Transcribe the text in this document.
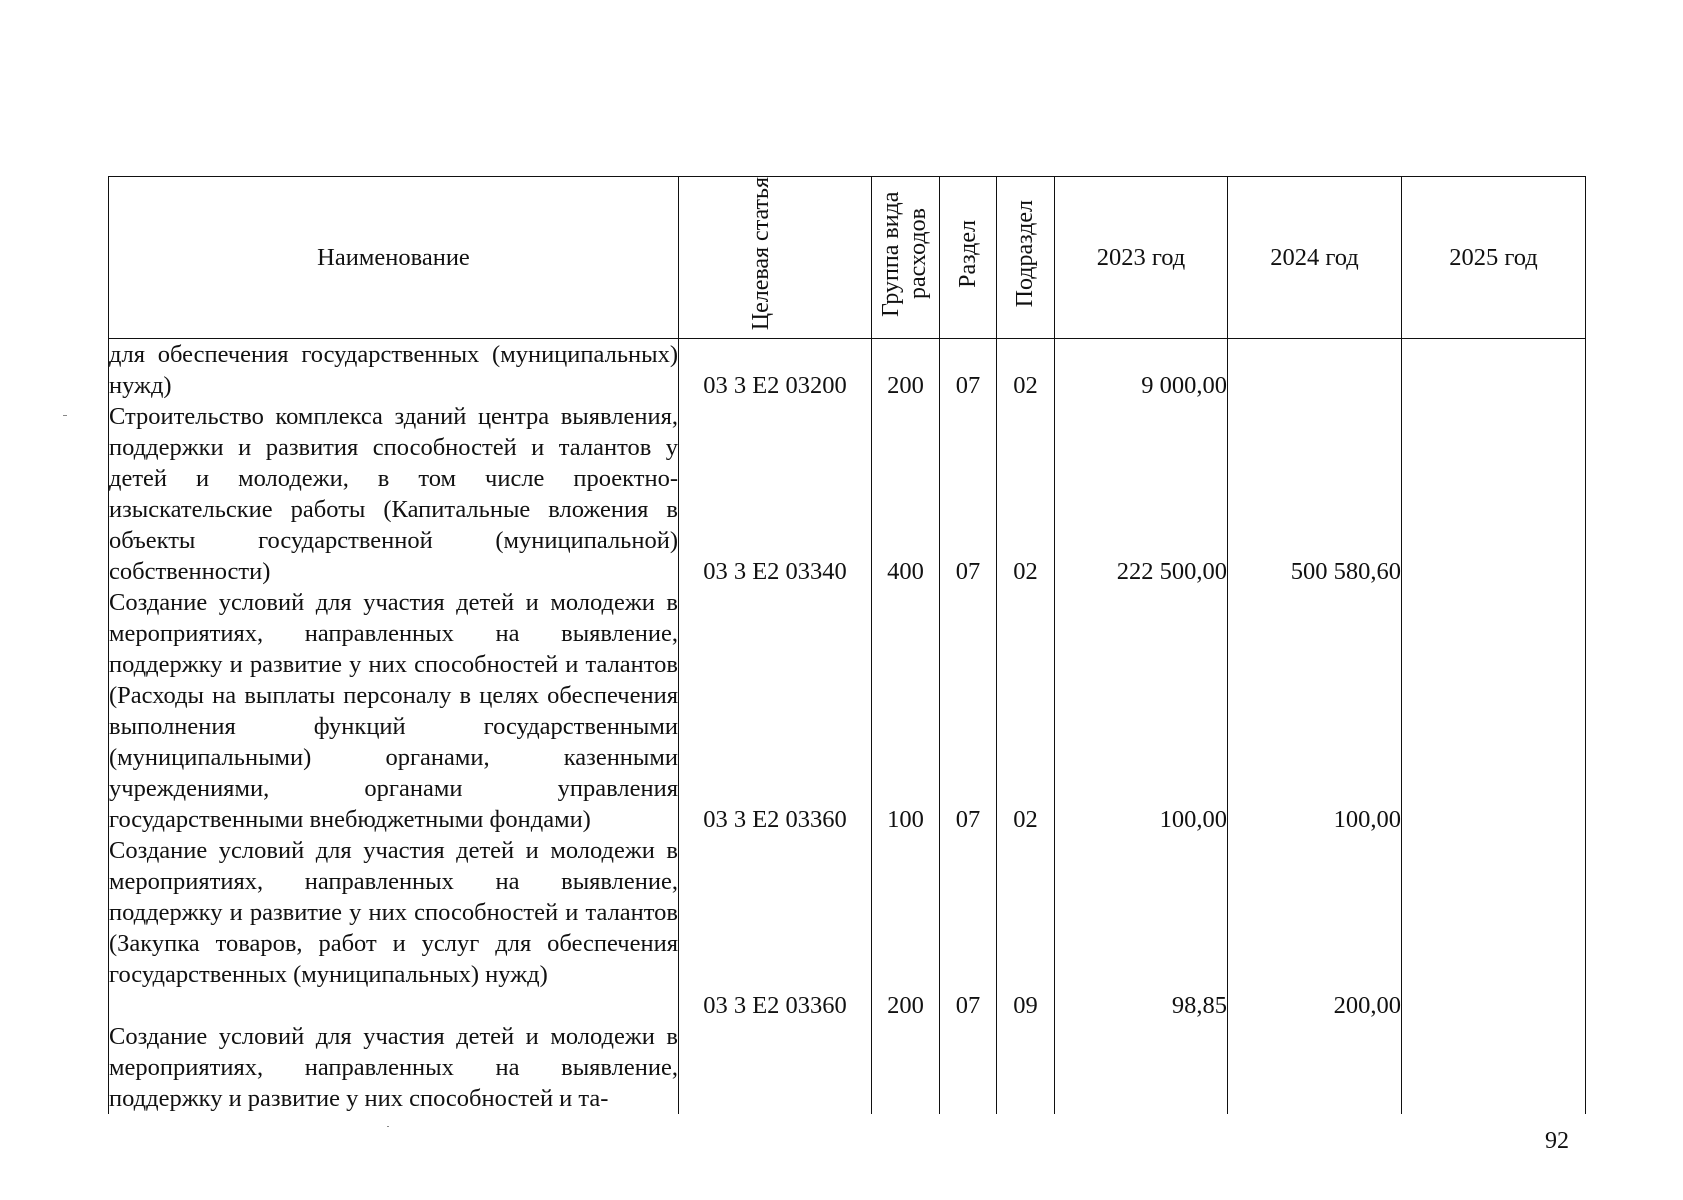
Наименование	Целевая статья	Группа вида расходов	Раздел	Подраздел	2023 год	2024 год	2025 год
для обеспечения государственных (муниципальных) нужд)	03 3 E2 03200	200	07	02	9 000,00		
Строительство комплекса зданий центра выявления, поддержки и развития способностей и талантов у детей и молодежи, в том числе проектно-изыскательские работы (Капитальные вложения в объекты государственной (муниципальной) собственности)	03 3 E2 03340	400	07	02	222 500,00	500 580,60	
Создание условий для участия детей и молодежи в мероприятиях, направленных на выявление, поддержку и развитие у них способностей и талантов (Расходы на выплаты персоналу в целях обеспечения выполнения функций государственными (муниципальными) органами, казенными учреждениями, органами управления государственными внебюджетными фондами)	03 3 E2 03360	100	07	02	100,00	100,00	
Создание условий для участия детей и молодежи в мероприятиях, направленных на выявление, поддержку и развитие у них способностей и талантов (Закупка товаров, работ и услуг для обеспечения государственных (муниципальных) нужд)	03 3 E2 03360	200	07	09	98,85	200,00	
Создание условий для участия детей и молодежи в мероприятиях, направленных на выявление, поддержку и развитие у них способностей и та-							
92
